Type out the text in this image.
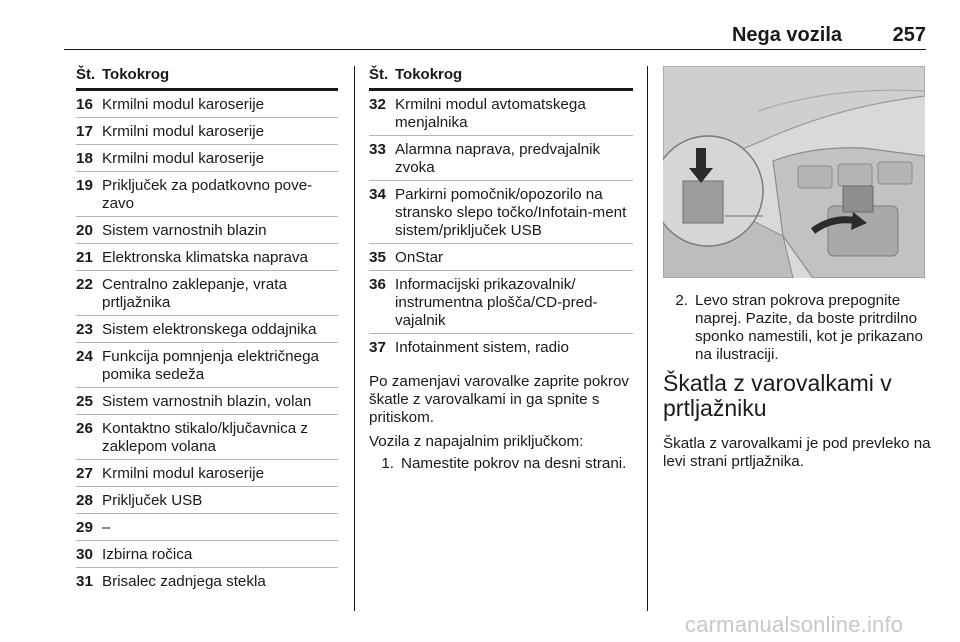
Nega vozila	257
Št. Tokokrog
16 Krmilni modul karoserije
17 Krmilni modul karoserije
18 Krmilni modul karoserije
19 Priključek za podatkovno pove-zavo
20 Sistem varnostnih blazin
21 Elektronska klimatska naprava
22 Centralno zaklepanje, vrata prtljažnika
23 Sistem elektronskega oddajnika
24 Funkcija pomnjenja električnega pomika sedeža
25 Sistem varnostnih blazin, volan
26 Kontaktno stikalo/ključavnica z zaklepom volana
27 Krmilni modul karoserije
28 Priključek USB
29 –
30 Izbirna ročica
31 Brisalec zadnjega stekla
Št. Tokokrog
32 Krmilni modul avtomatskega menjalnika
33 Alarmna naprava, predvajalnik zvoka
34 Parkirni pomočnik/opozorilo na stransko slepo točko/Infotain-ment sistem/priključek USB
35 OnStar
36 Informacijski prikazovalnik/ instrumentna plošča/CD-pred-vajalnik
37 Infotainment sistem, radio
Po zamenjavi varovalke zaprite pokrov škatle z varovalkami in ga spnite s pritiskom.
Vozila z napajalnim priključkom:
1. Namestite pokrov na desni strani.
2. Levo stran pokrova prepognite naprej. Pazite, da boste pritrdilno sponko namestili, kot je prikazano na ilustraciji.
Škatla z varovalkami v prtljažniku
Škatla z varovalkami je pod prevleko na levi strani prtljažnika.
carmanualsonline.info
